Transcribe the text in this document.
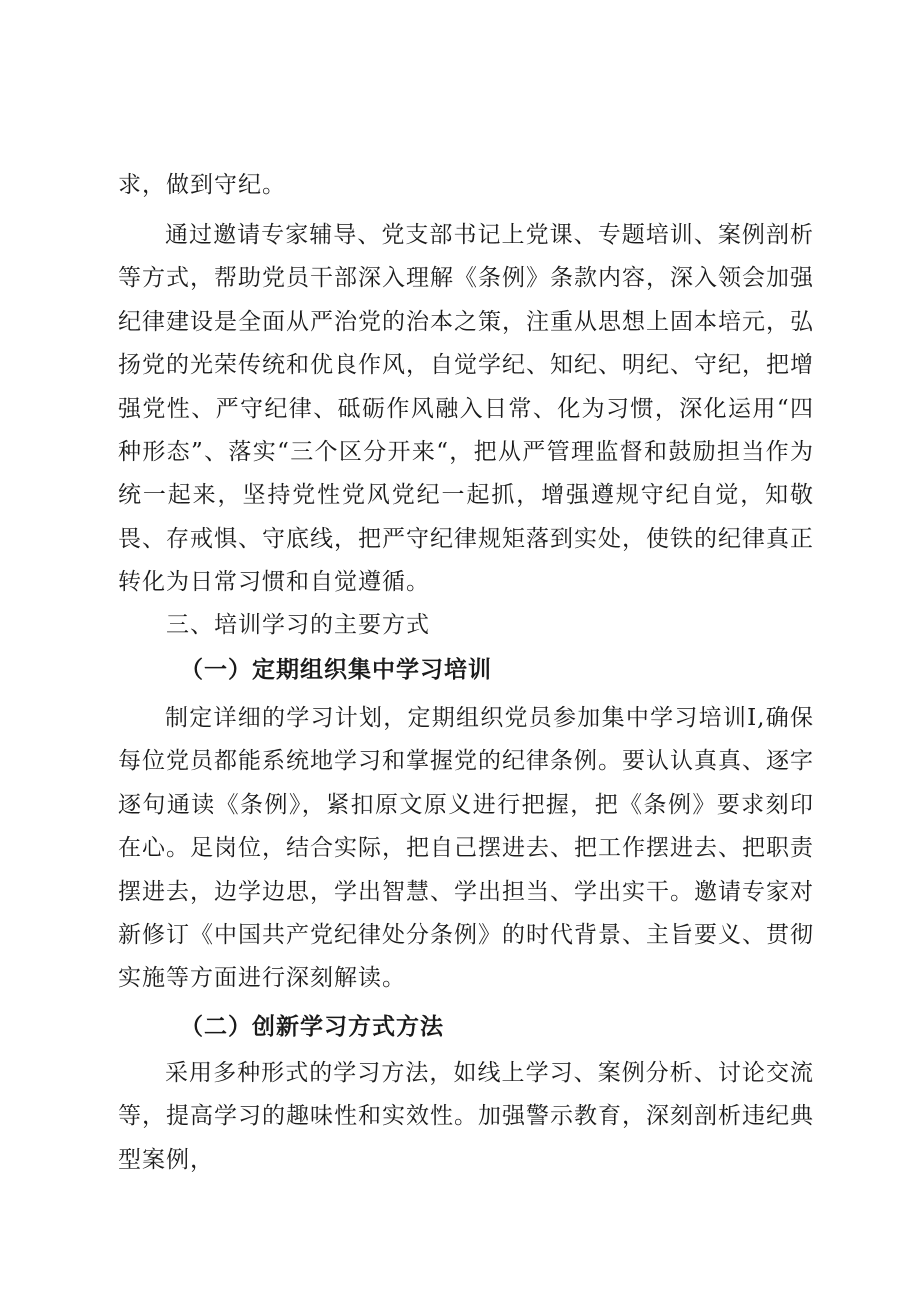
求，做到守纪。

通过邀请专家辅导、党支部书记上党课、专题培训、案例剖析等方式，帮助党员干部深入理解《条例》条款内容，深入领会加强纪律建设是全面从严治党的治本之策，注重从思想上固本培元，弘扬党的光荣传统和优良作风，自觉学纪、知纪、明纪、守纪，把增强党性、严守纪律、砥砺作风融入日常、化为习惯，深化运用“四种形态”、落实“三个区分开来“，把从严管理监督和鼓励担当作为统一起来，坚持党性党风党纪一起抓，增强遵规守纪自觉，知敬畏、存戒惧、守底线，把严守纪律规矩落到实处，使铁的纪律真正转化为日常习惯和自觉遵循。

三、培训学习的主要方式
（一）定期组织集中学习培训

制定详细的学习计划，定期组织党员参加集中学习培训I,确保每位党员都能系统地学习和掌握党的纪律条例。要认认真真、逐字逐句通读《条例》，紧扣原文原义进行把握，把《条例》要求刻印在心。足岗位，结合实际，把自己摆进去、把工作摆进去、把职责摆进去，边学边思，学出智慧、学出担当、学出实干。邀请专家对新修订《中国共产党纪律处分条例》的时代背景、主旨要义、贯彻实施等方面进行深刻解读。

（二）创新学习方式方法

采用多种形式的学习方法，如线上学习、案例分析、讨论交流等，提高学习的趣味性和实效性。加强警示教育，深刻剖析违纪典型案例，
